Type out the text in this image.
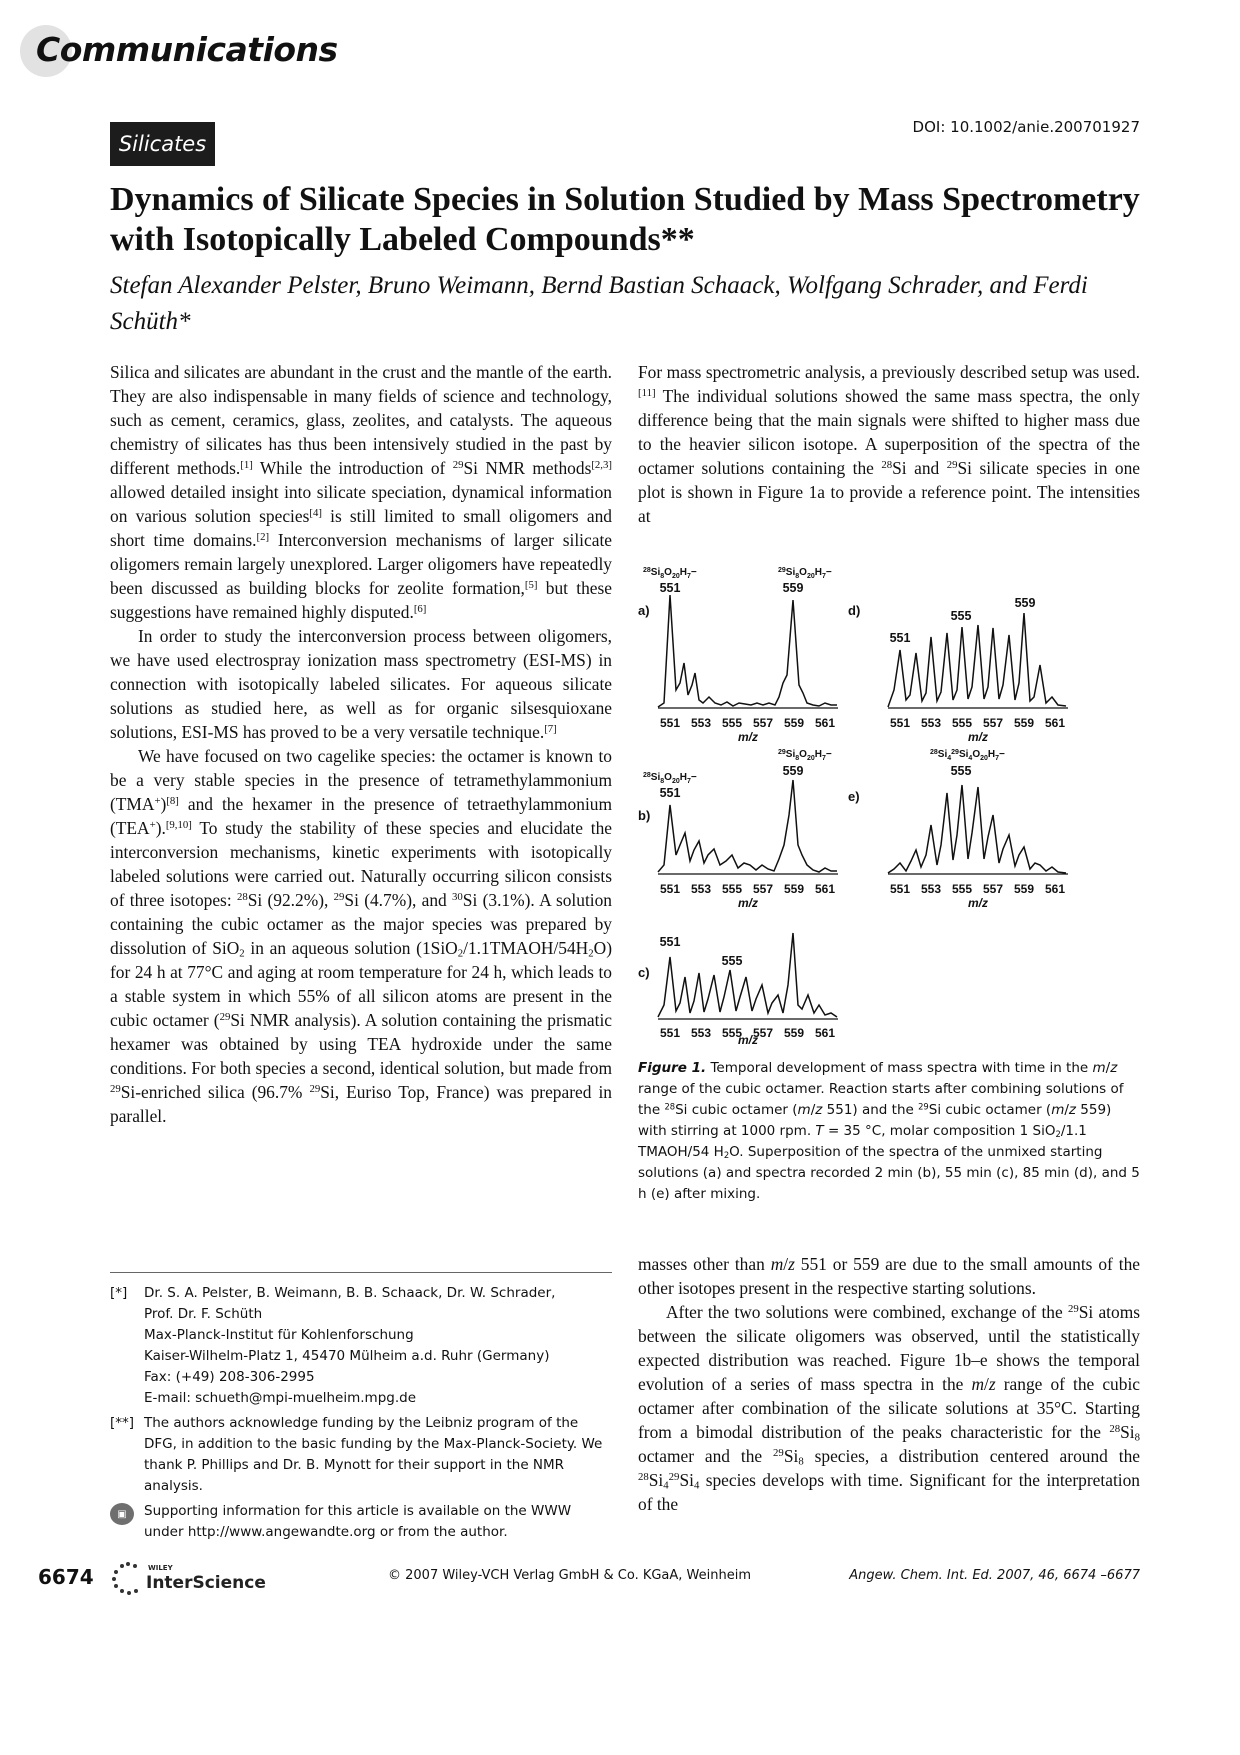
Communications
Silicates
DOI: 10.1002/anie.200701927
Dynamics of Silicate Species in Solution Studied by Mass Spectrometry with Isotopically Labeled Compounds**
Stefan Alexander Pelster, Bruno Weimann, Bernd Bastian Schaack, Wolfgang Schrader, and Ferdi Schüth*

Silica and silicates are abundant in the crust and the mantle of the earth. They are also indispensable in many fields of science and technology, such as cement, ceramics, glass, zeolites, and catalysts. The aqueous chemistry of silicates has thus been intensively studied in the past by different methods.[1] While the introduction of $^{29}$Si NMR methods[2,3] allowed detailed insight into silicate speciation, dynamical information on various solution species[4] is still limited to small oligomers and short time domains.[2] Interconversion mechanisms of larger silicate oligomers remain largely unexplored. Larger oligomers have repeatedly been discussed as building blocks for zeolite formation,[5] but these suggestions have remained highly disputed.[6]

In order to study the interconversion process between oligomers, we have used electrospray ionization mass spectrometry (ESI-MS) in connection with isotopically labeled silicates. For aqueous silicate solutions as studied here, as well as for organic silsesquioxane solutions, ESI-MS has proved to be a very versatile technique.[7]

We have focused on two cagelike species: the octamer is known to be a very stable species in the presence of tetramethylammonium (TMA+)[8] and the hexamer in the presence of tetraethylammonium (TEA+).[9,10] To study the stability of these species and elucidate the interconversion mechanisms, kinetic experiments with isotopically labeled solutions were carried out. Naturally occurring silicon consists of three isotopes: $^{28}$Si (92.2%), $^{29}$Si (4.7%), and $^{30}$Si (3.1%). A solution containing the cubic octamer as the major species was prepared by dissolution of SiO$_2$ in an aqueous solution $(1SiO_2/1.1TMAOH/54H_2O)$ for 24 h at 77°C and aging at room temperature for 24 h, which leads to a stable system in which 55% of all silicon atoms are present in the cubic octamer ($^{29}$Si NMR analysis). A solution containing the prismatic hexamer was obtained by using TEA hydroxide under the same conditions. For both species a second, identical solution, but made from $^{29}$Si-enriched silica (96.7% $^{29}$Si, Euriso Top, France) was prepared in parallel.

For mass spectrometric analysis, a previously described setup was used.[11] The individual solutions showed the same mass spectra, the only difference being that the main signals were shifted to higher mass due to the heavier silicon isotope. A superposition of the spectra of the octamer solutions containing the $^{28}$Si and $^{29}$Si silicate species in one plot is shown in Figure 1a to provide a reference point. The intensities at

$^{28}Si_8O_{20}H_7-$	$^{29}Si_8O_{20}H_7-$
551	559
a)
551 553 555 557 559 561
m/z
d)
551
555
559
551 553 555 557 559 561
m/z
$^{29}Si_8O_{20}H_7-$
559
$^{28}Si_8O_{20}H_7-$
551
b)
551 553 555 557 559 561
m/z
$^{28}Si_4^{29}Si_4O_{20}H_7-$
555
e)
551 553 555 557 559 561
m/z
551
555
c)
551 553 555 557 559 561
m/z
Figure 1. Temporal development of mass spectra with time in the m/z range of the cubic octamer. Reaction starts after combining solutions of the $^{28}$Si cubic octamer (m/z 551) and the $^{29}$Si cubic octamer (m/z 559) with stirring at 1000 rpm. T = 35 °C, molar composition 1 SiO$_2$/1.1 TMAOH/54 $H_2O$. Superposition of the spectra of the unmixed starting solutions (a) and spectra recorded 2 min (b), 55 min (c), 85 min (d), and 5 h (e) after mixing.

masses other than m/z 551 or 559 are due to the small amounts of the other isotopes present in the respective starting solutions.

After the two solutions were combined, exchange of the $^{29}$Si atoms between the silicate oligomers was observed, until the statistically expected distribution was reached. Figure 1b–e shows the temporal evolution of a series of mass spectra in the m/z range of the cubic octamer after combination of the silicate solutions at 35°C. Starting from a bimodal distribution of the peaks characteristic for the $^{28}Si_8$ octamer and the $^{29}Si_8$ species, a distribution centered around the $^{28}Si_4^{29}Si_4$ species develops with time. Significant for the interpretation of the

[*] Dr. S. A. Pelster, B. Weimann, B. B. Schaack, Dr. W. Schrader,
Prof. Dr. F. Schüth
Max-Planck-Institut für Kohlenforschung
Kaiser-Wilhelm-Platz 1, 45470 Mülheim a.d. Ruhr (Germany)
Fax: (+49) 208-306-2995
E-mail: schueth@mpi-muelheim.mpg.de
[**] The authors acknowledge funding by the Leibniz program of the DFG, in addition to the basic funding by the Max-Planck-Society. We thank P. Phillips and Dr. B. Mynott for their support in the NMR analysis.
▣	Supporting information for this article is available on the WWW under http://www.angewandte.org or from the author.
6674	WILEY
InterScience	© 2007 Wiley-VCH Verlag GmbH & Co. KGaA, Weinheim	Angew. Chem. Int. Ed. 2007, 46, 6674 –6677
